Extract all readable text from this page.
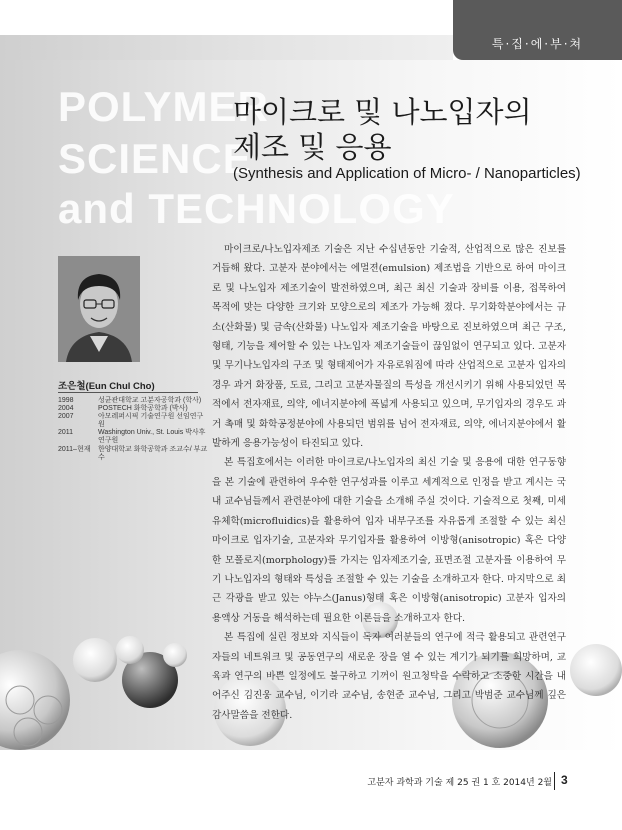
특·집·에·부·쳐
POLYMER
SCIENCE
and TECHNOLOGY
마이크로 및 나노입자의
제조 및 응용
(Synthesis and Application of Micro- / Nanoparticles)
조은철(Eun Chul Cho)
1998	성균관대학교 고분자공학과 (학사)
2004	POSTECH 화학공학과 (박사)
2007	아모레퍼시픽 기술연구원 선임연구원
2011	Washington Univ., St. Louis 박사후 연구원
2011–현재	한양대학교 화학공학과 조교수/ 부교수

마이크로/나노입자제조 기술은 지난 수십년동안 기술적, 산업적으로 많은 진보를 거듭해 왔다. 고분자 분야에서는 에멀젼(emulsion) 제조법을 기반으로 하여 마이크로 및 나노입자 제조기술이 발전하였으며, 최근 최신 기술과 장비를 이용, 접목하여 목적에 맞는 다양한 크기와 모양으로의 제조가 가능해 졌다. 무기화학분야에서는 규소(산화물) 및 금속(산화물) 나노입자 제조기술을 바탕으로 진보하였으며 최근 구조, 형태, 기능을 제어할 수 있는 나노입자 제조기술들이 끊임없이 연구되고 있다. 고분자 및 무기나노입자의 구조 및 형태제어가 자유로워짐에 따라 산업적으로 고분자 입자의 경우 과거 화장품, 도료, 그리고 고분자물질의 특성을 개선시키기 위해 사용되었던 목적에서 전자재료, 의약, 에너지분야에 폭넓게 사용되고 있으며, 무기입자의 경우도 과거 촉매 및 화학공정분야에 사용되던 범위를 넘어 전자재료, 의약, 에너지분야에서 활발하게 응용가능성이 타진되고 있다.

본 특집호에서는 이러한 마이크로/나노입자의 최신 기술 및 응용에 대한 연구동향을 본 기술에 관련하여 우수한 연구성과를 이루고 세계적으로 인정을 받고 계시는 국내 교수님들께서 관련분야에 대한 기술을 소개해 주실 것이다. 기술적으로 첫째, 미세유체학(microfluidics)을 활용하여 입자 내부구조를 자유롭게 조절할 수 있는 최신 마이크로 입자기술, 고분자와 무기입자를 활용하여 이방형(anisotropic) 혹은 다양한 모폴로지(morphology)를 가지는 입자제조기술, 표면조절 고분자를 이용하여 무기 나노입자의 형태와 특성을 조절할 수 있는 기술을 소개하고자 한다. 마지막으로 최근 각광을 받고 있는 야누스(Janus)형태 혹은 이방형(anisotropic) 고분자 입자의 용액상 거동을 해석하는데 필요한 이론들을 소개하고자 한다.

본 특집에 실린 정보와 지식들이 독자 여러분들의 연구에 적극 활용되고 관련연구자들의 네트워크 및 공동연구의 새로운 장을 열 수 있는 계기가 되기를 희망하며, 교육과 연구의 바쁜 일정에도 불구하고 기꺼이 원고청탁을 수락하고 소중한 시간을 내어주신 김진웅 교수님, 이기라 교수님, 송현준 교수님, 그리고 박범준 교수님께 깊은 감사말씀을 전한다.

고분자 과학과 기술 제 25 권 1 호 2014년 2월 3
